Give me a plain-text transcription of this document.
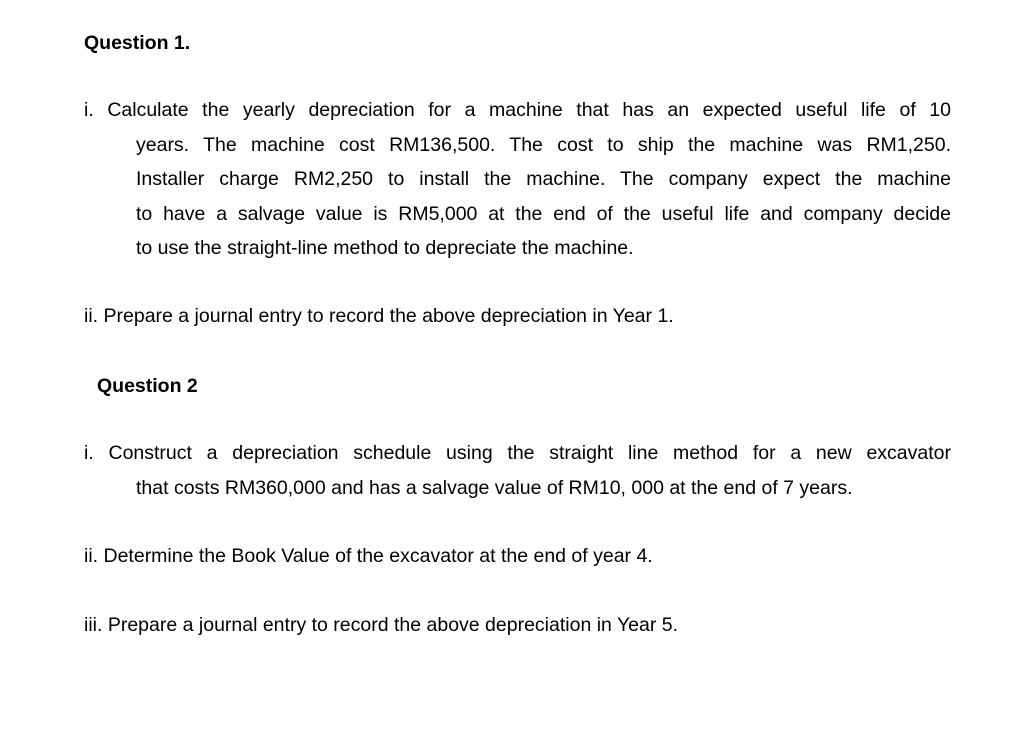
Question 1.
i. Calculate the yearly depreciation for a machine that has an expected useful life of 10
years. The machine cost RM136,500. The cost to ship the machine was RM1,250.
Installer charge RM2,250 to install the machine. The company expect the machine
to have a salvage value is RM5,000 at the end of the useful life and company decide
to use the straight-line method to depreciate the machine.

ii. Prepare a journal entry to record the above depreciation in Year 1.

Question 2
i. Construct a depreciation schedule using the straight line method for a new excavator
that costs RM360,000 and has a salvage value of RM10, 000 at the end of 7 years.

ii. Determine the Book Value of the excavator at the end of year 4.

iii. Prepare a journal entry to record the above depreciation in Year 5.
